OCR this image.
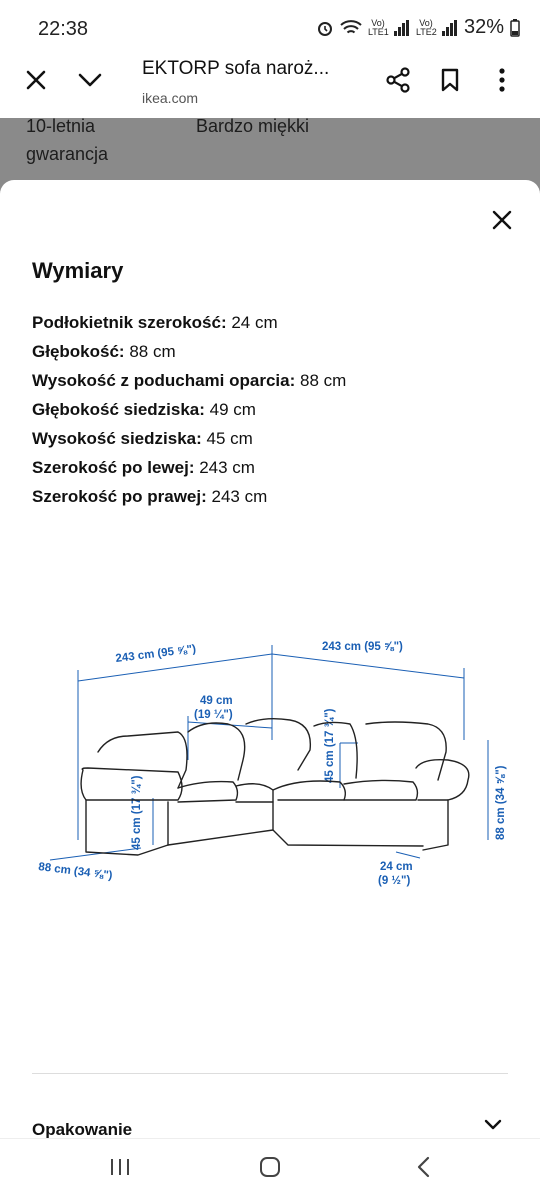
22:38	Vo) LTE1
Vo) LTE2 32%
EKTORP sofa naroż...
ikea.com
10-letnia
gwarancja
Bardzo miękki
Wymiary
Podłokietnik szerokość: 24 cm
Głębokość: 88 cm
Wysokość z poduchami oparcia: 88 cm
Głębokość siedziska: 49 cm
Wysokość siedziska: 45 cm
Szerokość po lewej: 243 cm
Szerokość po prawej: 243 cm
243 cm (95 ⅝")	243 cm (95 ⅝")
49 cm
(19 ¼")
45 cm (17 ¾")
45 cm (17 ¾")
88 cm (34 ⅝")
88 cm (34 ⅝")	24 cm
(9 ½")
Opakowanie
